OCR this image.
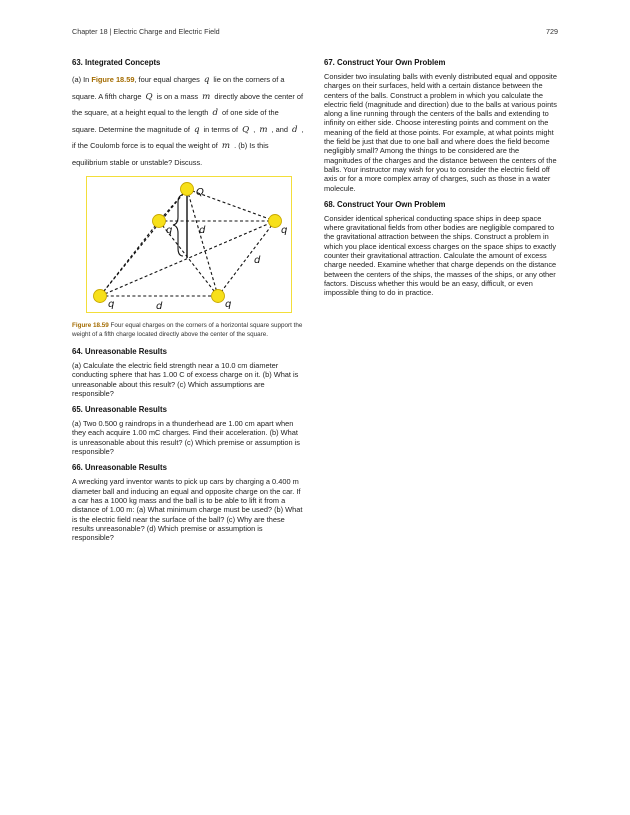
Chapter 18 | Electric Charge and Electric Field	729
63. Integrated Concepts

(a) In Figure 18.59, four equal charges q lie on the corners of a square. A fifth charge Q is on a mass m directly above the center of the square, at a height equal to the length d of one side of the square. Determine the magnitude of q in terms of Q , m , and d , if the Coulomb force is to equal the weight of m . (b) Is this equilibrium stable or unstable? Discuss.

Q
q	d	q
d
q	d	q

Figure 18.59 Four equal charges on the corners of a horizontal square support the weight of a fifth charge located directly above the center of the square.

64. Unreasonable Results

(a) Calculate the electric field strength near a 10.0 cm diameter conducting sphere that has 1.00 C of excess charge on it. (b) What is unreasonable about this result? (c) Which assumptions are responsible?

65. Unreasonable Results

(a) Two 0.500 g raindrops in a thunderhead are 1.00 cm apart when they each acquire 1.00 mC charges. Find their acceleration. (b) What is unreasonable about this result? (c) Which premise or assumption is responsible?

66. Unreasonable Results

A wrecking yard inventor wants to pick up cars by charging a 0.400 m diameter ball and inducing an equal and opposite charge on the car. If a car has a 1000 kg mass and the ball is to be able to lift it from a distance of 1.00 m: (a) What minimum charge must be used? (b) What is the electric field near the surface of the ball? (c) Why are these results unreasonable? (d) Which premise or assumption is responsible?

67. Construct Your Own Problem

Consider two insulating balls with evenly distributed equal and opposite charges on their surfaces, held with a certain distance between the centers of the balls. Construct a problem in which you calculate the electric field (magnitude and direction) due to the balls at various points along a line running through the centers of the balls and extending to infinity on either side. Choose interesting points and comment on the meaning of the field at those points. For example, at what points might the field be just that due to one ball and where does the field become negligibly small? Among the things to be considered are the magnitudes of the charges and the distance between the centers of the balls. Your instructor may wish for you to consider the electric field off axis or for a more complex array of charges, such as those in a water molecule.

68. Construct Your Own Problem

Consider identical spherical conducting space ships in deep space where gravitational fields from other bodies are negligible compared to the gravitational attraction between the ships. Construct a problem in which you place identical excess charges on the space ships to exactly counter their gravitational attraction. Calculate the amount of excess charge needed. Examine whether that charge depends on the distance between the centers of the ships, the masses of the ships, or any other factors. Discuss whether this would be an easy, difficult, or even impossible thing to do in practice.
